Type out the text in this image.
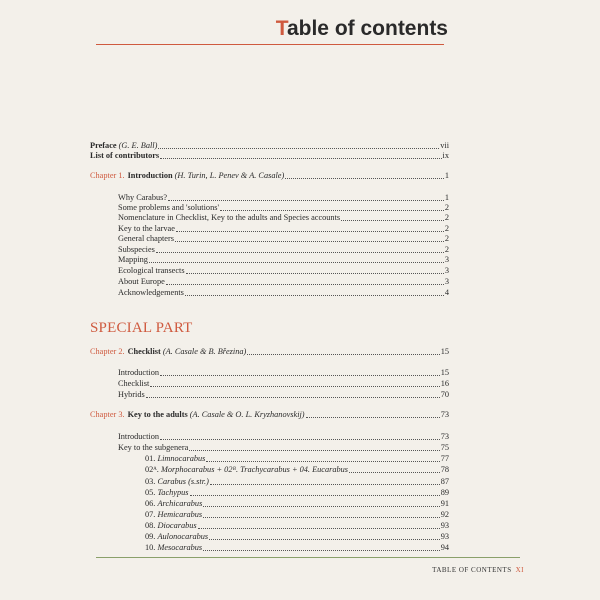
Table of contents
Preface (G. E. Ball)	vii
List of contributors	ix
Chapter 1. Introduction (H. Turin, L. Penev & A. Casale)	1
Why Carabus?	1
Some problems and 'solutions'	2
Nomenclature in Checklist, Key to the adults and Species accounts	2
Key to the larvae	2
General chapters	2
Subspecies	2
Mapping	3
Ecological transects	3
About Europe	3
Acknowledgements	4
SPECIAL PART
Chapter 2. Checklist (A. Casale & B. Březina)	15
Introduction	15
Checklist	16
Hybrids	70
Chapter 3. Key to the adults (A. Casale & O. L. Kryzhanovskij)	73
Introduction	73
Key to the subgenera	75
01. Limnocarabus	77
02ᴬ. Morphocarabus + 02ᴮ. Trachycarabus + 04. Eucarabus	78
03. Carabus (s.str.)	87
05. Tachypus	89
06. Archicarabus	91
07. Hemicarabus	92
08. Diocarabus	93
09. Aulonocarabus	93
10. Mesocarabus	94
TABLE OF CONTENTS XI
